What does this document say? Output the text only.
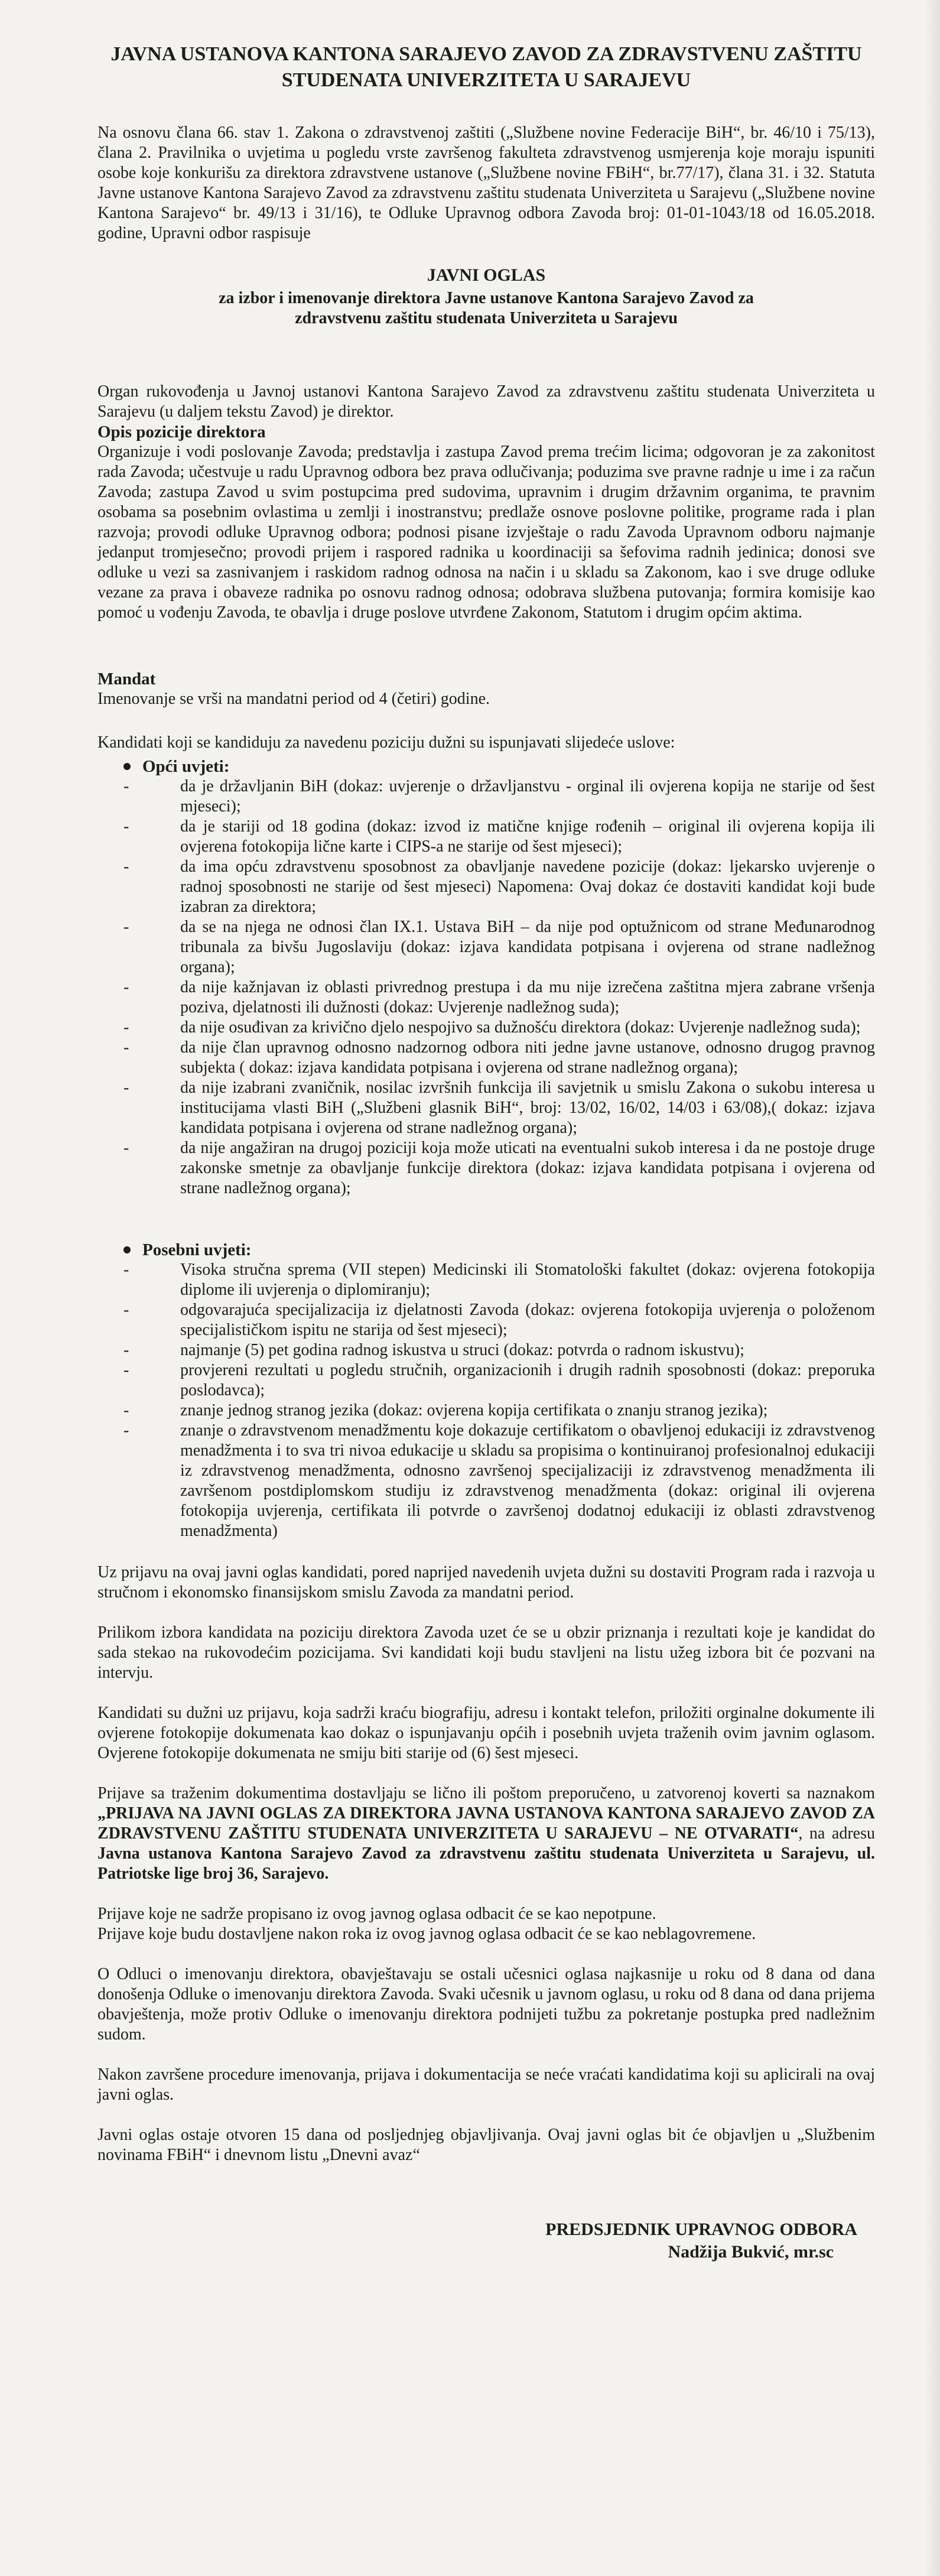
JAVNA USTANOVA KANTONA SARAJEVO ZAVOD ZA ZDRAVSTVENU ZAŠTITU
STUDENATA UNIVERZITETA U SARAJEVU

Na osnovu člana 66. stav 1. Zakona o zdravstvenoj zaštiti („Službene novine Federacije BiH“, br. 46/10 i 75/13), člana 2. Pravilnika o uvjetima u pogledu vrste završenog fakulteta zdravstvenog usmjerenja koje moraju ispuniti osobe koje konkurišu za direktora zdravstvene ustanove („Službene novine FBiH“, br.77/17), člana 31. i 32. Statuta Javne ustanove Kantona Sarajevo Zavod za zdravstvenu zaštitu studenata Univerziteta u Sarajevu („Službene novine Kantona Sarajevo“ br. 49/13 i 31/16), te Odluke Upravnog odbora Zavoda broj: 01-01-1043/18 od 16.05.2018. godine, Upravni odbor raspisuje

JAVNI OGLAS
za izbor i imenovanje direktora Javne ustanove Kantona Sarajevo Zavod za zdravstvenu zaštitu studenata Univerziteta u Sarajevu

Organ rukovođenja u Javnoj ustanovi Kantona Sarajevo Zavod za zdravstvenu zaštitu studenata Univerziteta u Sarajevu (u daljem tekstu Zavod) je direktor.

Opis pozicije direktora

Organizuje i vodi poslovanje Zavoda; predstavlja i zastupa Zavod prema trećim licima; odgovoran je za zakonitost rada Zavoda; učestvuje u radu Upravnog odbora bez prava odlučivanja; poduzima sve pravne radnje u ime i za račun Zavoda; zastupa Zavod u svim postupcima pred sudovima, upravnim i drugim državnim organima, te pravnim osobama sa posebnim ovlastima u zemlji i inostranstvu; predlaže osnove poslovne politike, programe rada i plan razvoja; provodi odluke Upravnog odbora; podnosi pisane izvještaje o radu Zavoda Upravnom odboru najmanje jedanput tromjesečno; provodi prijem i raspored radnika u koordinaciji sa šefovima radnih jedinica; donosi sve odluke u vezi sa zasnivanjem i raskidom radnog odnosa na način i u skladu sa Zakonom, kao i sve druge odluke vezane za prava i obaveze radnika po osnovu radnog odnosa; odobrava službena putovanja; formira komisije kao pomoć u vođenju Zavoda, te obavlja i druge poslove utvrđene Zakonom, Statutom i drugim općim aktima.

Mandat

Imenovanje se vrši na mandatni period od 4 (četiri) godine.

Kandidati koji se kandiduju za navedenu poziciju dužni su ispunjavati slijedeće uslove:

Opći uvjeti:
-	da je državljanin BiH (dokaz: uvjerenje o državljanstvu - orginal ili ovjerena kopija ne starije od šest mjeseci);
-	da je stariji od 18 godina (dokaz: izvod iz matične knjige rođenih – original ili ovjerena kopija ili ovjerena fotokopija lične karte i CIPS-a ne starije od šest mjeseci);
-	da ima opću zdravstvenu sposobnost za obavljanje navedene pozicije (dokaz: ljekarsko uvjerenje o radnoj sposobnosti ne starije od šest mjeseci) Napomena: Ovaj dokaz će dostaviti kandidat koji bude izabran za direktora;
-	da se na njega ne odnosi član IX.1. Ustava BiH – da nije pod optužnicom od strane Međunarodnog tribunala za bivšu Jugoslaviju (dokaz: izjava kandidata potpisana i ovjerena od strane nadležnog organa);
-	da nije kažnjavan iz oblasti privrednog prestupa i da mu nije izrečena zaštitna mjera zabrane vršenja poziva, djelatnosti ili dužnosti (dokaz: Uvjerenje nadležnog suda);
-	da nije osuđivan za krivično djelo nespojivo sa dužnošću direktora (dokaz: Uvjerenje nadležnog suda);
-	da nije član upravnog odnosno nadzornog odbora niti jedne javne ustanove, odnosno drugog pravnog subjekta ( dokaz: izjava kandidata potpisana i ovjerena od strane nadležnog organa);
-	da nije izabrani zvaničnik, nosilac izvršnih funkcija ili savjetnik u smislu Zakona o sukobu interesa u institucijama vlasti BiH („Službeni glasnik BiH“, broj: 13/02, 16/02, 14/03 i 63/08),( dokaz: izjava kandidata potpisana i ovjerena od strane nadležnog organa);
-	da nije angažiran na drugoj poziciji koja može uticati na eventualni sukob interesa i da ne postoje druge zakonske smetnje za obavljanje funkcije direktora (dokaz: izjava kandidata potpisana i ovjerena od strane nadležnog organa);
Posebni uvjeti:
-	Visoka stručna sprema (VII stepen) Medicinski ili Stomatološki fakultet (dokaz: ovjerena fotokopija diplome ili uvjerenja o diplomiranju);
-	odgovarajuća specijalizacija iz djelatnosti Zavoda (dokaz: ovjerena fotokopija uvjerenja o položenom specijalističkom ispitu ne starija od šest mjeseci);
-	najmanje (5) pet godina radnog iskustva u struci (dokaz: potvrda o radnom iskustvu);
-	provjereni rezultati u pogledu stručnih, organizacionih i drugih radnih sposobnosti (dokaz: preporuka poslodavca);
-	znanje jednog stranog jezika (dokaz: ovjerena kopija certifikata o znanju stranog jezika);
-	znanje o zdravstvenom menadžmentu koje dokazuje certifikatom o obavljenoj edukaciji iz zdravstvenog menadžmenta i to sva tri nivoa edukacije u skladu sa propisima o kontinuiranoj profesionalnoj edukaciji iz zdravstvenog menadžmenta, odnosno završenoj specijalizaciji iz zdravstvenog menadžmenta ili završenom postdiplomskom studiju iz zdravstvenog menadžmenta (dokaz: original ili ovjerena fotokopija uvjerenja, certifikata ili potvrde o završenoj dodatnoj edukaciji iz oblasti zdravstvenog menadžmenta)

Uz prijavu na ovaj javni oglas kandidati, pored naprijed navedenih uvjeta dužni su dostaviti Program rada i razvoja u stručnom i ekonomsko finansijskom smislu Zavoda za mandatni period.

Prilikom izbora kandidata na poziciju direktora Zavoda uzet će se u obzir priznanja i rezultati koje je kandidat do sada stekao na rukovodećim pozicijama. Svi kandidati koji budu stavljeni na listu užeg izbora bit će pozvani na intervju.

Kandidati su dužni uz prijavu, koja sadrži kraću biografiju, adresu i kontakt telefon, priložiti orginalne dokumente ili ovjerene fotokopije dokumenata kao dokaz o ispunjavanju općih i posebnih uvjeta traženih ovim javnim oglasom. Ovjerene fotokopije dokumenata ne smiju biti starije od (6) šest mjeseci.

Prijave sa traženim dokumentima dostavljaju se lično ili poštom preporučeno, u zatvorenoj koverti sa naznakom „PRIJAVA NA JAVNI OGLAS ZA DIREKTORA JAVNA USTANOVA KANTONA SARAJEVO ZAVOD ZA ZDRAVSTVENU ZAŠTITU STUDENATA UNIVERZITETA U SARAJEVU – NE OTVARATI“, na adresu Javna ustanova Kantona Sarajevo Zavod za zdravstvenu zaštitu studenata Univerziteta u Sarajevu, ul. Patriotske lige broj 36, Sarajevo.

Prijave koje ne sadrže propisano iz ovog javnog oglasa odbacit će se kao nepotpune.

Prijave koje budu dostavljene nakon roka iz ovog javnog oglasa odbacit će se kao neblagovremene.

O Odluci o imenovanju direktora, obavještavaju se ostali učesnici oglasa najkasnije u roku od 8 dana od dana donošenja Odluke o imenovanju direktora Zavoda. Svaki učesnik u javnom oglasu, u roku od 8 dana od dana prijema obavještenja, može protiv Odluke o imenovanju direktora podnijeti tužbu za pokretanje postupka pred nadležnim sudom.

Nakon završene procedure imenovanja, prijava i dokumentacija se neće vraćati kandidatima koji su aplicirali na ovaj javni oglas.

Javni oglas ostaje otvoren 15 dana od posljednjeg objavljivanja. Ovaj javni oglas bit će objavljen u „Službenim novinama FBiH“ i dnevnom listu „Dnevni avaz“

PREDSJEDNIK UPRAVNOG ODBORA
Nadžija Bukvić, mr.sc
